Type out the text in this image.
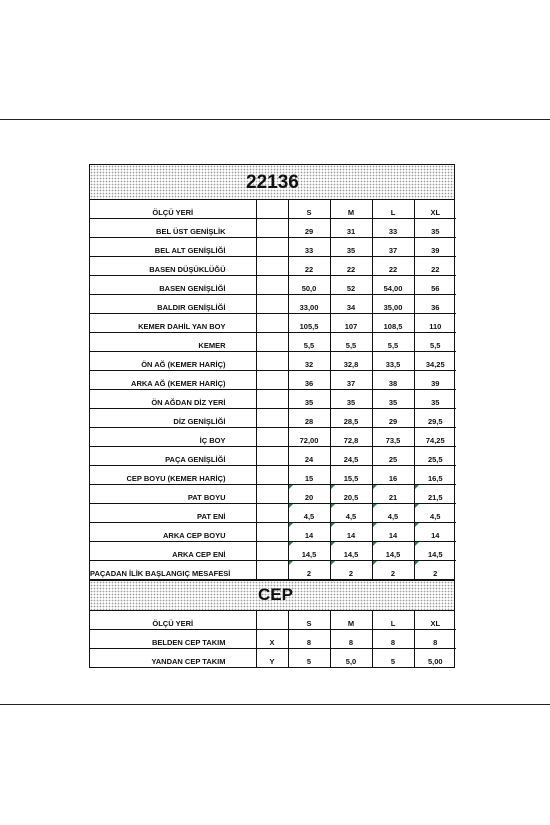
22136
ÖLÇÜ YERİ		S	M	L	XL
BEL ÜST GENİŞLİK		29	31	33	35
BEL ALT GENİŞLİĞİ		33	35	37	39
BASEN DÜŞÜKLÜĞÜ		22	22	22	22
BASEN GENİŞLİĞİ		50,0	52	54,00	56
BALDIR GENİŞLİĞİ		33,00	34	35,00	36
KEMER DAHİL YAN BOY		105,5	107	108,5	110
KEMER		5,5	5,5	5,5	5,5
ÖN AĞ (KEMER HARİÇ)		32	32,8	33,5	34,25
ARKA AĞ (KEMER HARİÇ)		36	37	38	39
ÖN AĞDAN DİZ YERİ		35	35	35	35
DİZ GENİŞLİĞİ		28	28,5	29	29,5
İÇ BOY		72,00	72,8	73,5	74,25
PAÇA GENİŞLİĞİ		24	24,5	25	25,5
CEP BOYU (KEMER HARİÇ)		15	15,5	16	16,5
PAT BOYU		20	20,5	21	21,5
PAT ENİ		4,5	4,5	4,5	4,5
ARKA CEP BOYU		14	14	14	14
ARKA CEP ENİ		14,5	14,5	14,5	14,5
PAÇADAN İLİK BAŞLANGIÇ MESAFESİ		2	2	2	2
CEP
ÖLÇÜ YERİ		S	M	L	XL
BELDEN CEP TAKIM	X	8	8	8	8
YANDAN CEP TAKIM	Y	5	5,0	5	5,00
